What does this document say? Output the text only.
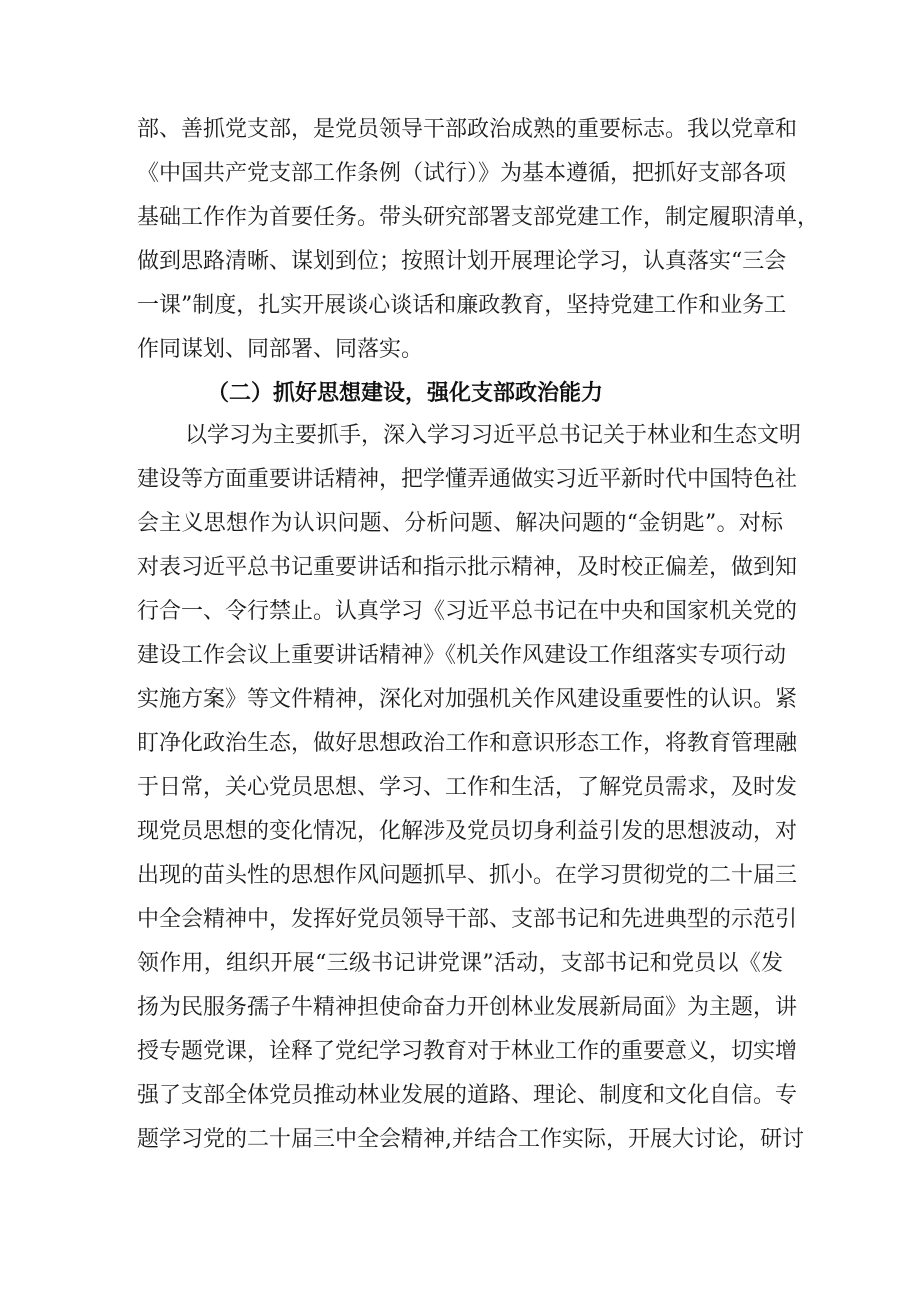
部、善抓党支部，是党员领导干部政治成熟的重要标志。我以党章和
《中国共产党支部工作条例（试行）》为基本遵循，把抓好支部各项
基础工作作为首要任务。带头研究部署支部党建工作，制定履职清单，
做到思路清晰、谋划到位；按照计划开展理论学习，认真落实“三会
一课”制度，扎实开展谈心谈话和廉政教育，坚持党建工作和业务工
作同谋划、同部署、同落实。
（二）抓好思想建设，强化支部政治能力
以学习为主要抓手，深入学习习近平总书记关于林业和生态文明
建设等方面重要讲话精神，把学懂弄通做实习近平新时代中国特色社
会主义思想作为认识问题、分析问题、解决问题的“金钥匙”。对标
对表习近平总书记重要讲话和指示批示精神，及时校正偏差，做到知
行合一、令行禁止。认真学习《习近平总书记在中央和国家机关党的
建设工作会议上重要讲话精神》《机关作风建设工作组落实专项行动
实施方案》等文件精神，深化对加强机关作风建设重要性的认识。紧
盯净化政治生态，做好思想政治工作和意识形态工作，将教育管理融
于日常，关心党员思想、学习、工作和生活，了解党员需求，及时发
现党员思想的变化情况，化解涉及党员切身利益引发的思想波动，对
出现的苗头性的思想作风问题抓早、抓小。在学习贯彻党的二十届三
中全会精神中，发挥好党员领导干部、支部书记和先进典型的示范引
领作用，组织开展“三级书记讲党课”活动，支部书记和党员以《发
扬为民服务孺子牛精神担使命奋力开创林业发展新局面》为主题，讲
授专题党课，诠释了党纪学习教育对于林业工作的重要意义，切实增
强了支部全体党员推动林业发展的道路、理论、制度和文化自信。专
题学习党的二十届三中全会精神,并结合工作实际，开展大讨论，研讨
